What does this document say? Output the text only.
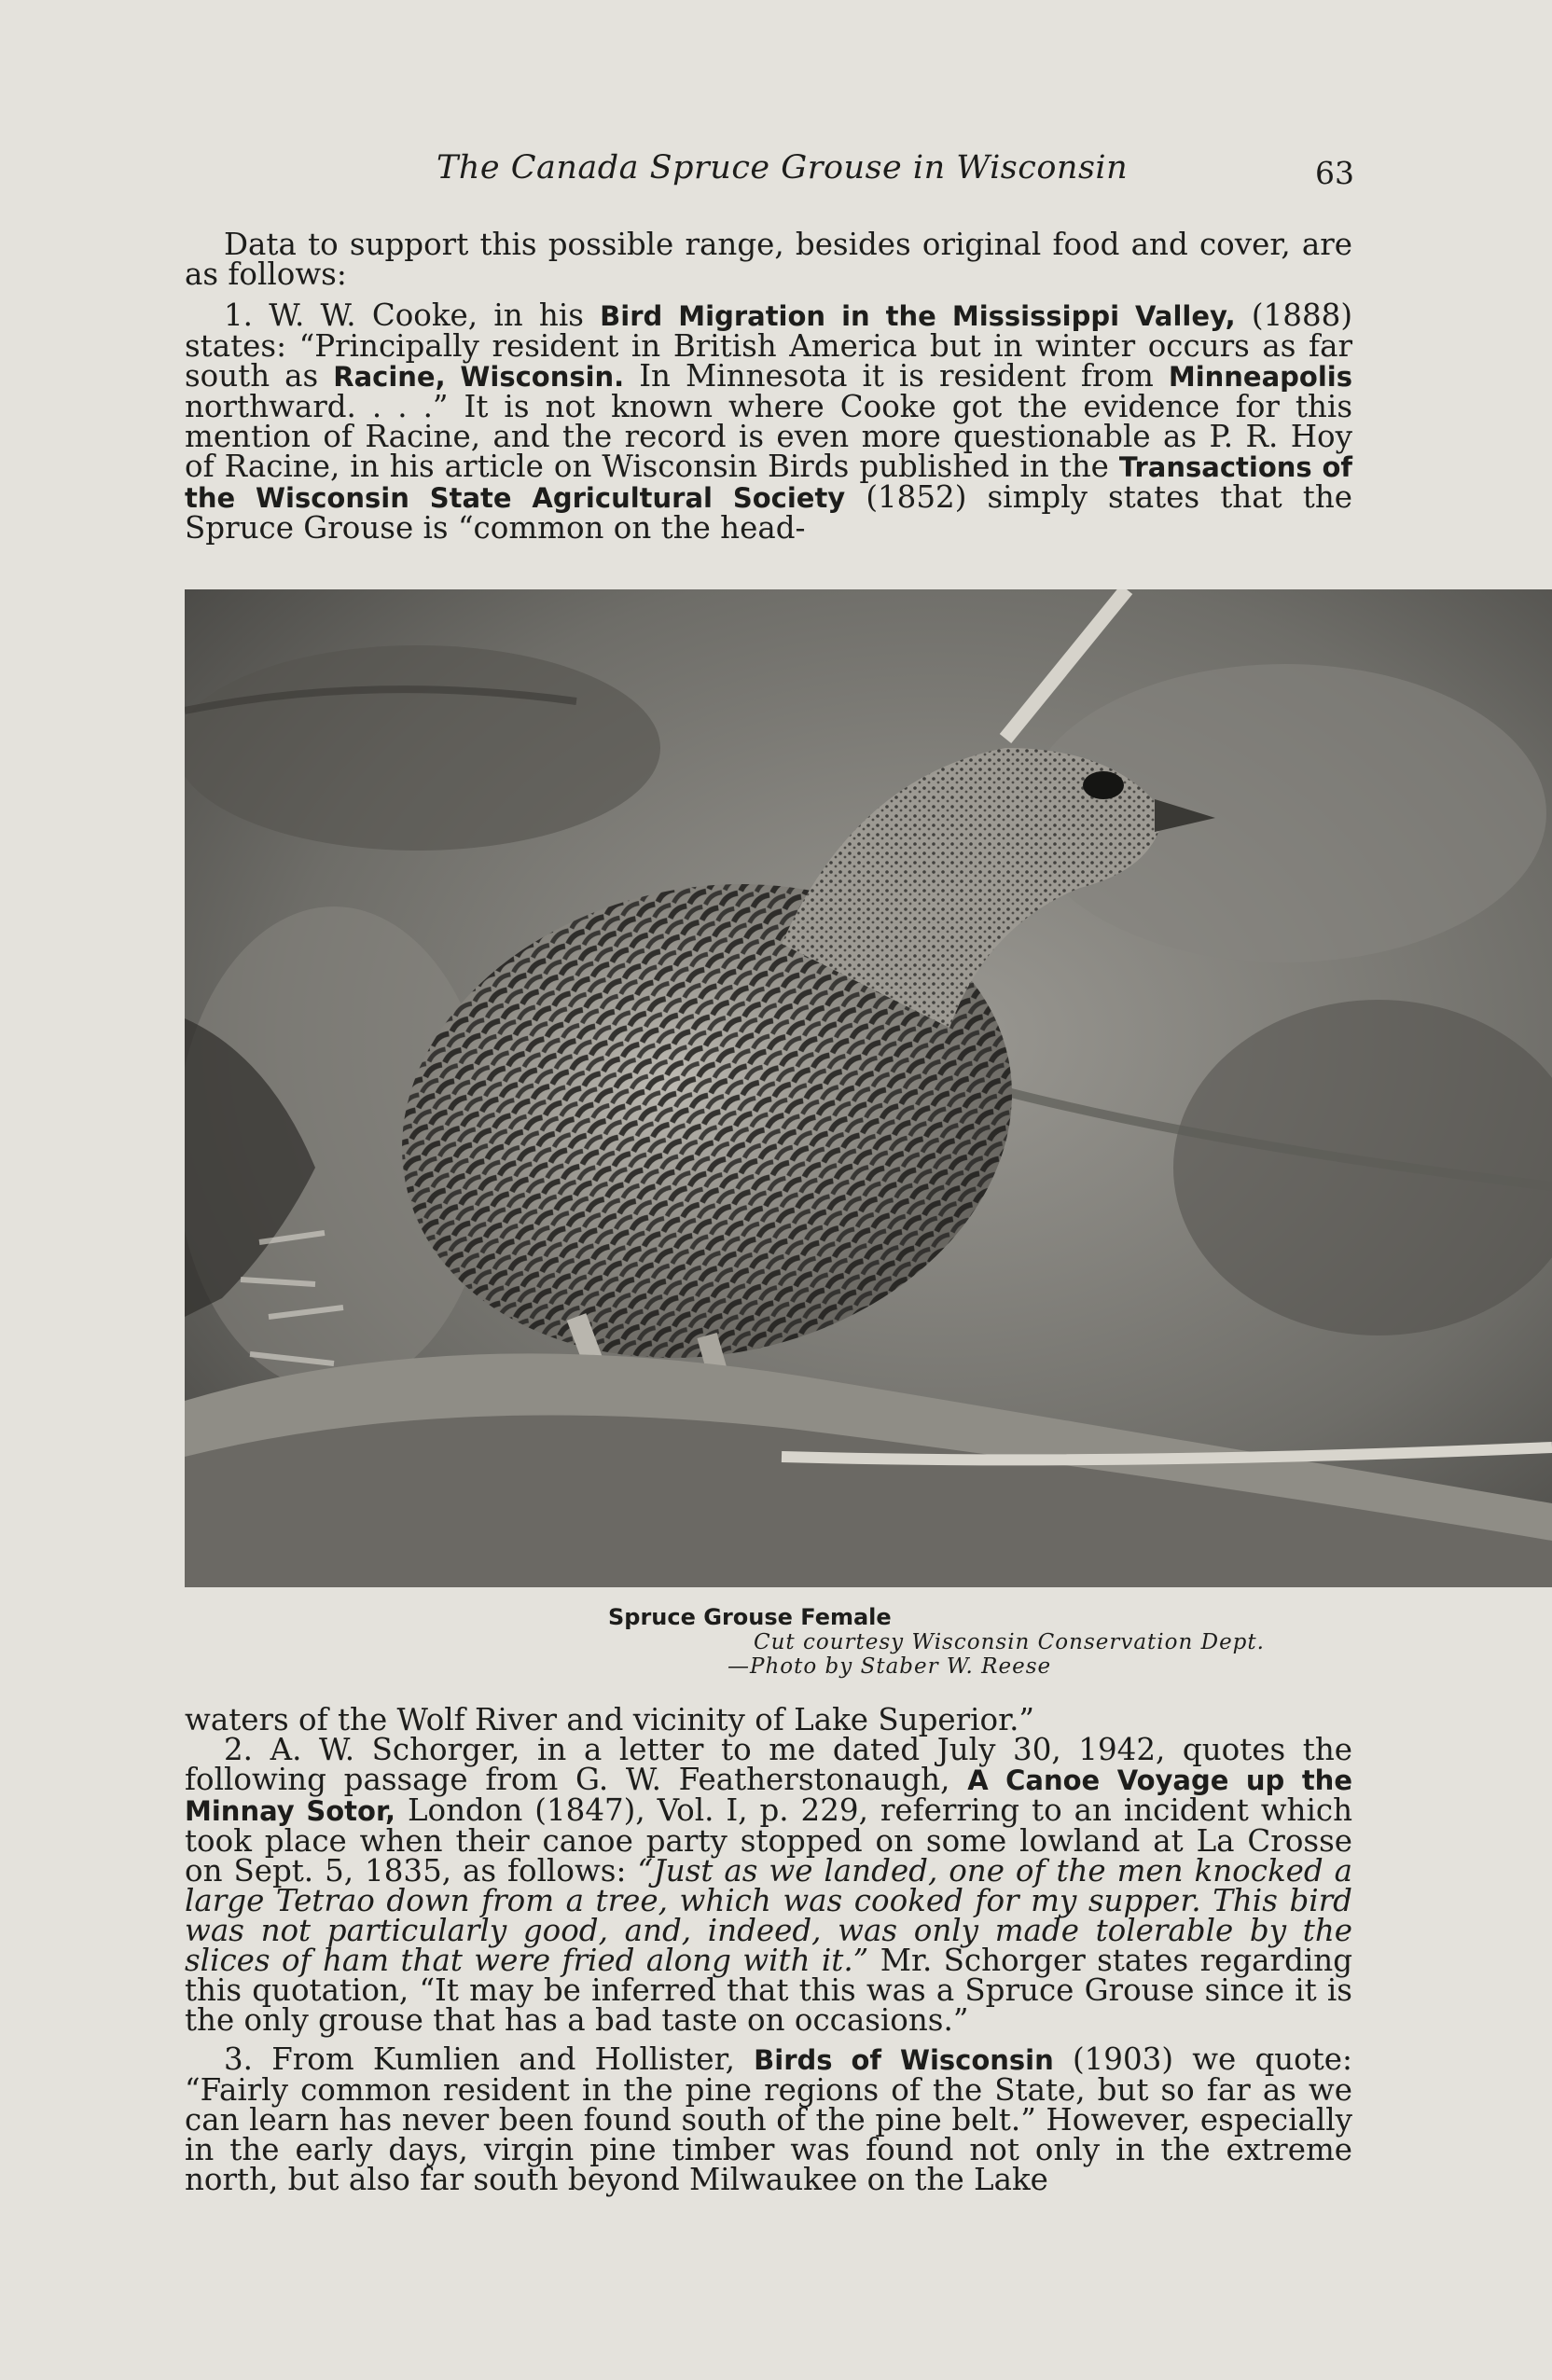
The Canada Spruce Grouse in Wisconsin	63

Data to support this possible range, besides original food and cover, are as follows:

1. W. W. Cooke, in his Bird Migration in the Mississippi Valley, (1888) states: “Principally resident in British America but in winter occurs as far south as Racine, Wisconsin. In Minnesota it is resident from Minneapolis northward. . . .” It is not known where Cooke got the evidence for this mention of Racine, and the record is even more questionable as P. R. Hoy of Racine, in his article on Wisconsin Birds published in the Transactions of the Wisconsin State Agricultural Society (1852) simply states that the Spruce Grouse is “common on the head-

Spruce Grouse Female
Cut courtesy Wisconsin Conservation Dept.
—Photo by Staber W. Reese

waters of the Wolf River and vicinity of Lake Superior.”

2. A. W. Schorger, in a letter to me dated July 30, 1942, quotes the following passage from G. W. Featherstonaugh, A Canoe Voyage up the Minnay Sotor, London (1847), Vol. I, p. 229, referring to an incident which took place when their canoe party stopped on some lowland at La Crosse on Sept. 5, 1835, as follows: “Just as we landed, one of the men knocked a large Tetrao down from a tree, which was cooked for my supper. This bird was not particularly good, and, indeed, was only made tolerable by the slices of ham that were fried along with it.” Mr. Schorger states regarding this quotation, “It may be inferred that this was a Spruce Grouse since it is the only grouse that has a bad taste on occasions.”

3. From Kumlien and Hollister, Birds of Wisconsin (1903) we quote: “Fairly common resident in the pine regions of the State, but so far as we can learn has never been found south of the pine belt.” However, especially in the early days, virgin pine timber was found not only in the extreme north, but also far south beyond Milwaukee on the Lake
